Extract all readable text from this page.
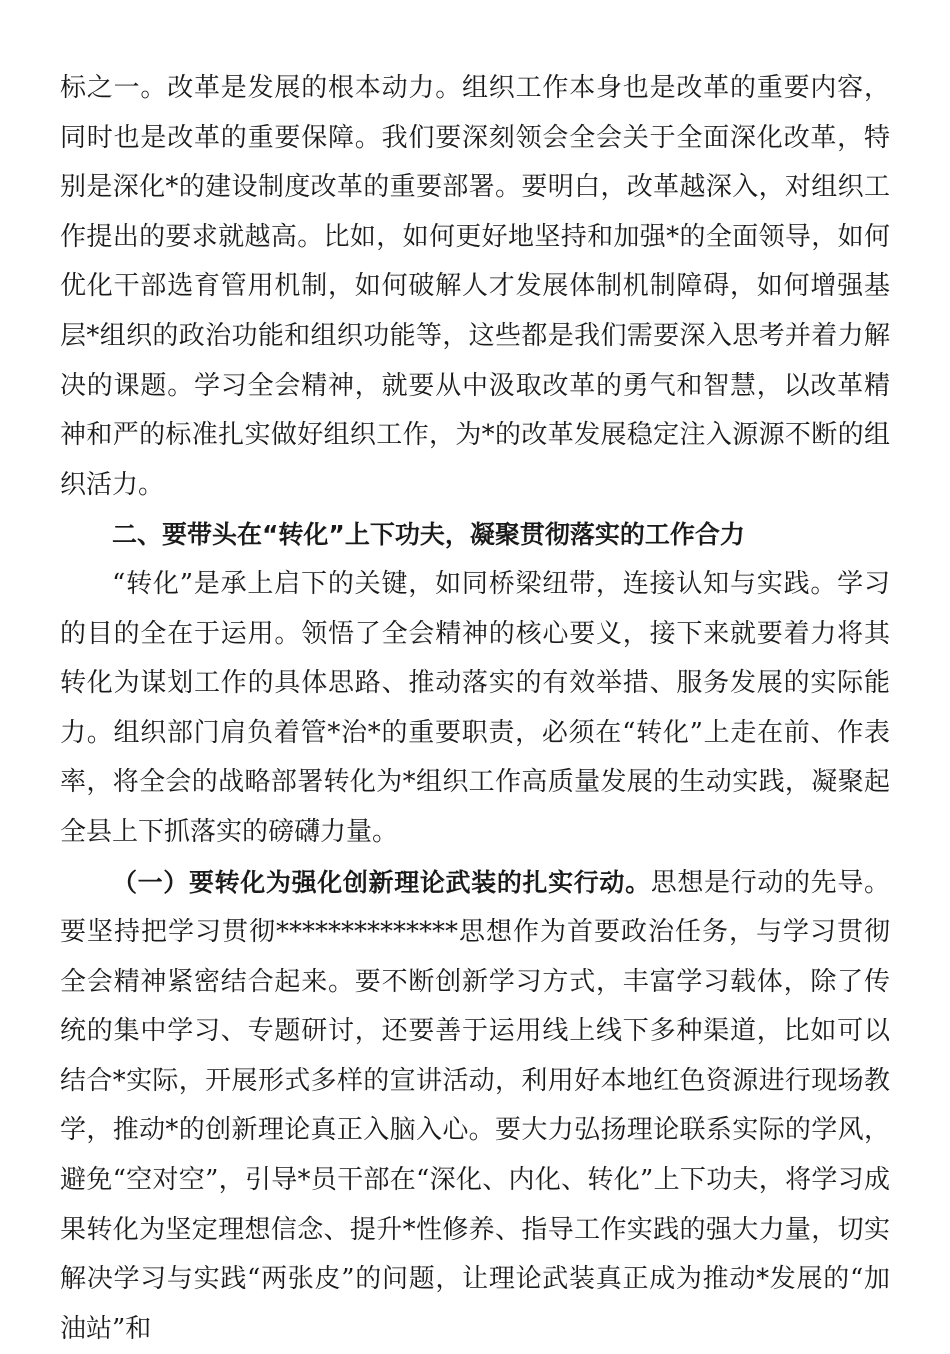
标之一。改革是发展的根本动力。组织工作本身也是改革的重要内容，同时也是改革的重要保障。我们要深刻领会全会关于全面深化改革，特别是深化*的建设制度改革的重要部署。要明白，改革越深入，对组织工作提出的要求就越高。比如，如何更好地坚持和加强*的全面领导，如何优化干部选育管用机制，如何破解人才发展体制机制障碍，如何增强基层*组织的政治功能和组织功能等，这些都是我们需要深入思考并着力解决的课题。学习全会精神，就要从中汲取改革的勇气和智慧，以改革精神和严的标准扎实做好组织工作，为*的改革发展稳定注入源源不断的组织活力。

二、要带头在“转化”上下功夫，凝聚贯彻落实的工作合力

“转化”是承上启下的关键，如同桥梁纽带，连接认知与实践。学习的目的全在于运用。领悟了全会精神的核心要义，接下来就要着力将其转化为谋划工作的具体思路、推动落实的有效举措、服务发展的实际能力。组织部门肩负着管*治*的重要职责，必须在“转化”上走在前、作表率，将全会的战略部署转化为*组织工作高质量发展的生动实践，凝聚起全县上下抓落实的磅礴力量。

（一）要转化为强化创新理论武装的扎实行动。思想是行动的先导。要坚持把学习贯彻**************思想作为首要政治任务，与学习贯彻全会精神紧密结合起来。要不断创新学习方式，丰富学习载体，除了传统的集中学习、专题研讨，还要善于运用线上线下多种渠道，比如可以结合*实际，开展形式多样的宣讲活动，利用好本地红色资源进行现场教学，推动*的创新理论真正入脑入心。要大力弘扬理论联系实际的学风，避免“空对空”，引导*员干部在“深化、内化、转化”上下功夫，将学习成果转化为坚定理想信念、提升*性修养、指导工作实践的强大力量，切实解决学习与实践“两张皮”的问题，让理论武装真正成为推动*发展的“加油站”和
